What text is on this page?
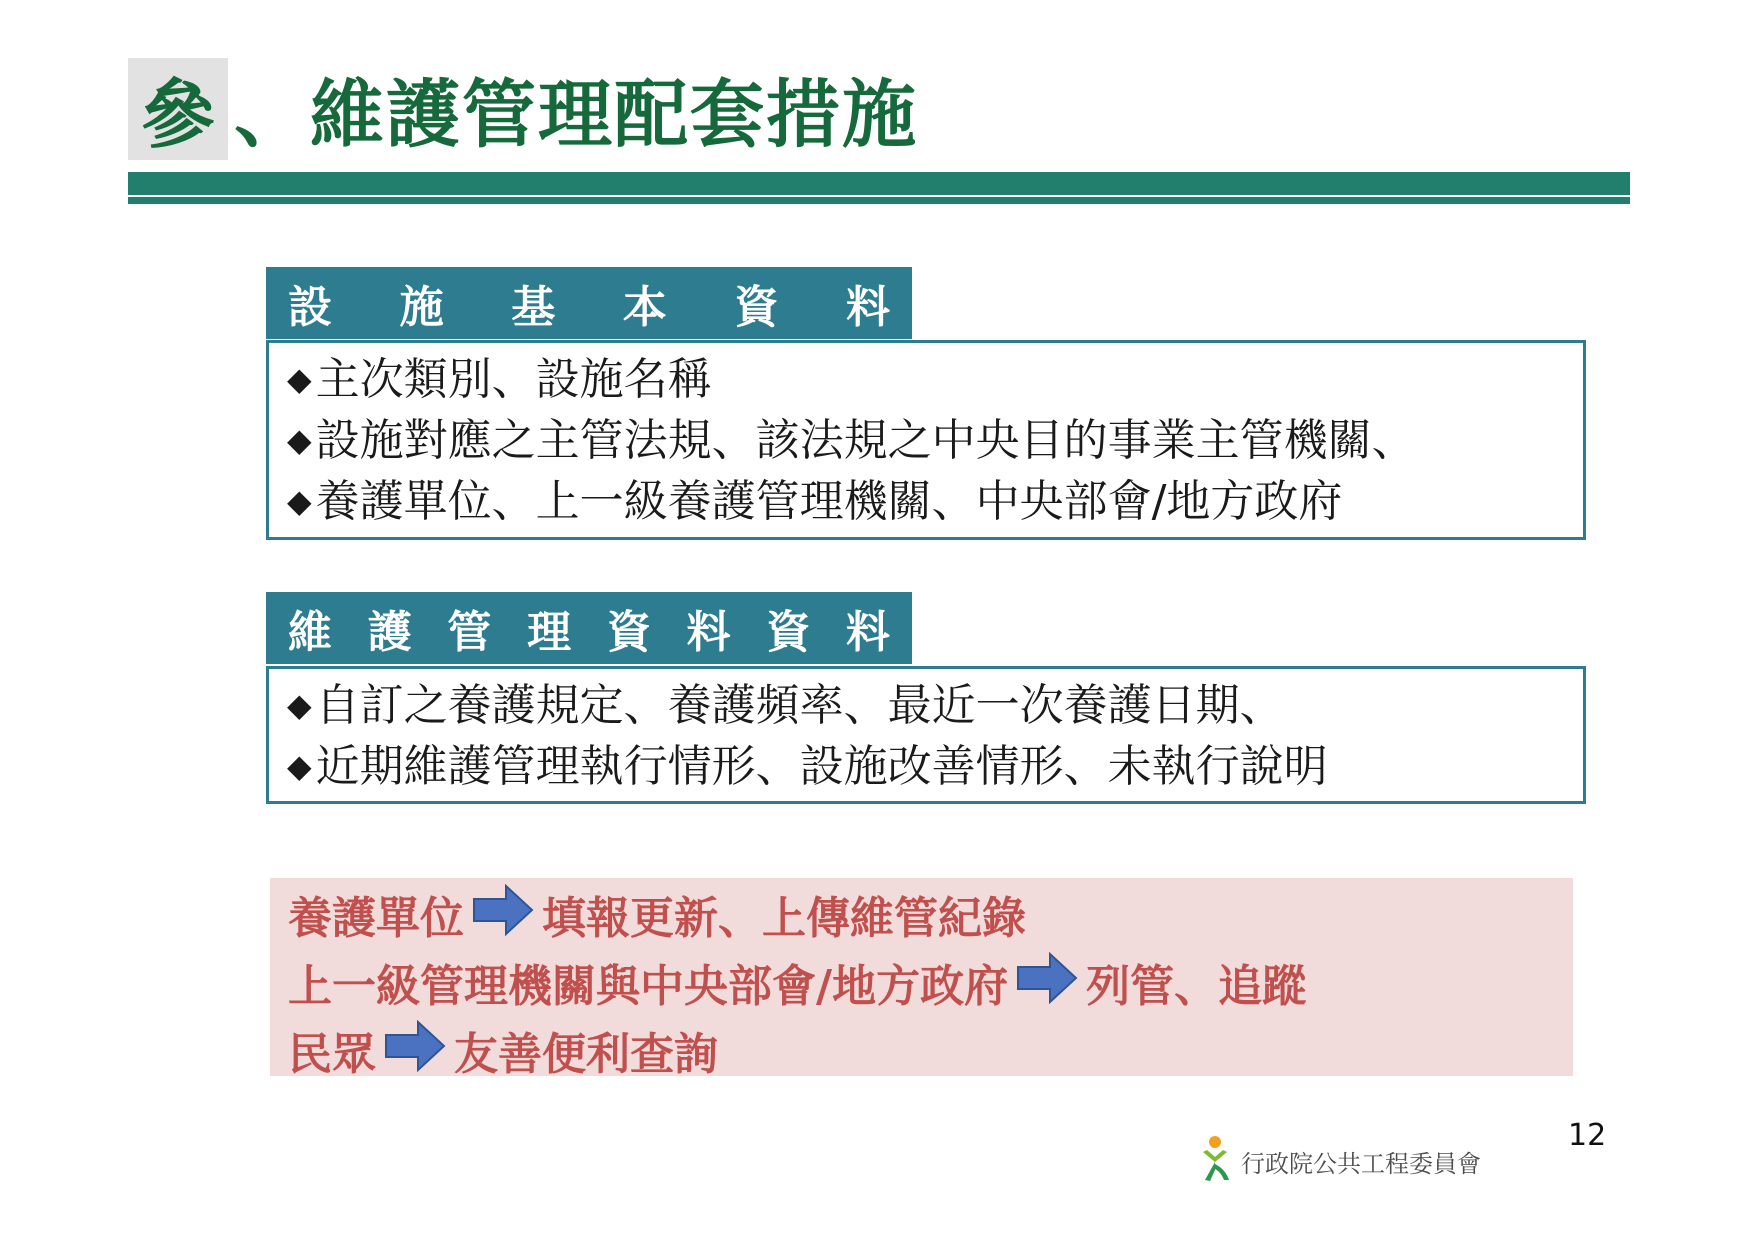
參 、維護管理配套措施
設 施 基 本 資 料
◆主次類別、設施名稱
◆設施對應之主管法規、該法規之中央目的事業主管機關、
◆養護單位、上一級養護管理機關、中央部會/地方政府
維 護 管 理 資 料 資 料
◆自訂之養護規定、養護頻率、最近一次養護日期、
◆近期維護管理執行情形、設施改善情形、未執行說明
養護單位 填報更新、上傳維管紀錄
上一級管理機關與中央部會/地方政府 列管、追蹤
民眾 友善便利查詢
12
行政院公共工程委員會
